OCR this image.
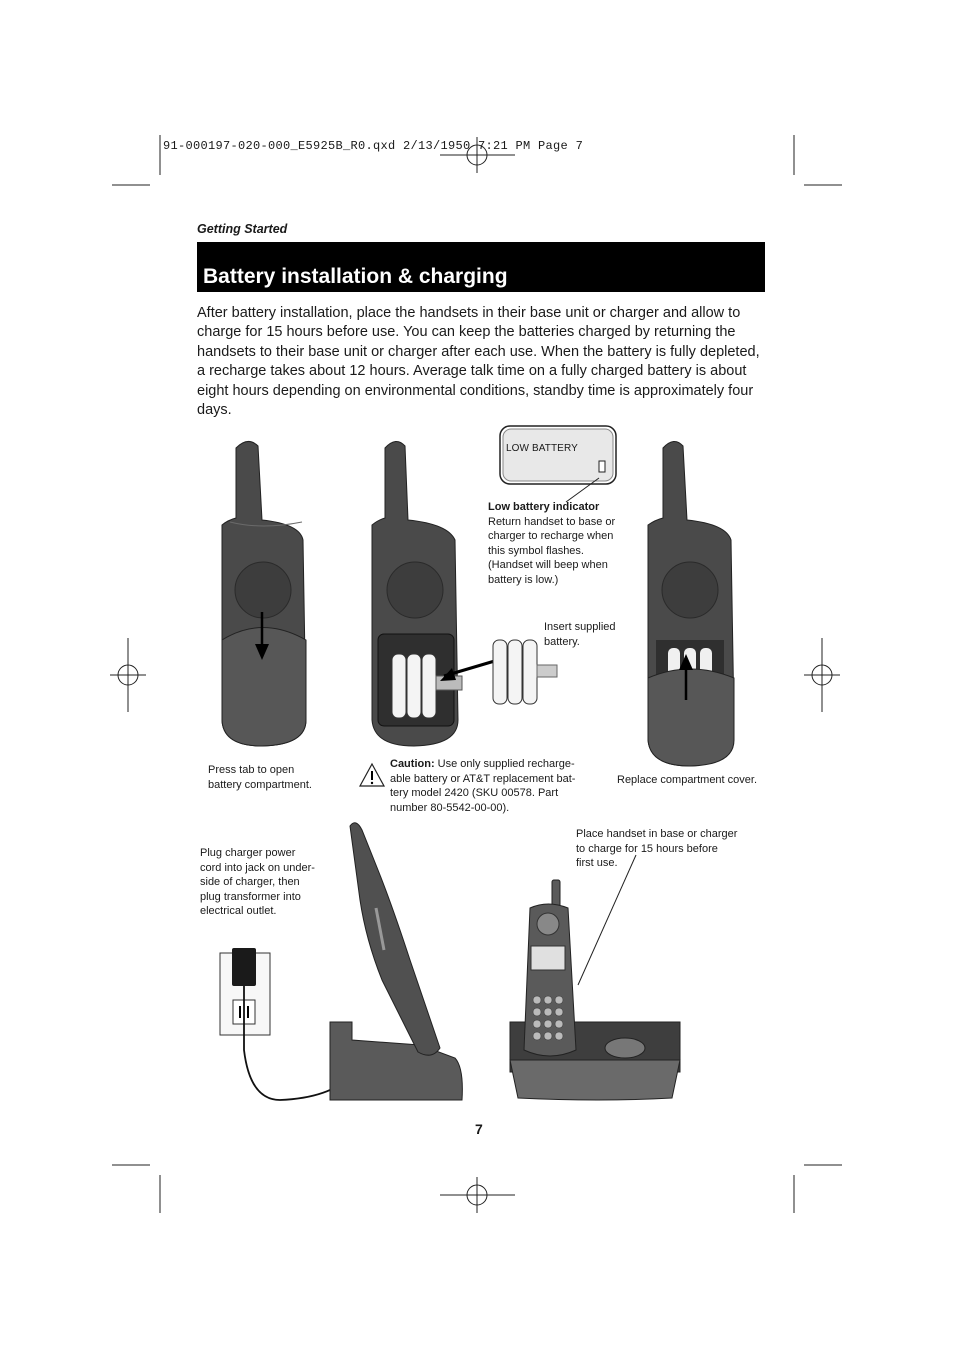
91-000197-020-000_E5925B_R0.qxd 2/13/1950 7:21 PM Page 7
Getting Started
Battery installation & charging
After battery installation, place the handsets in their base unit or charger and allow to charge for 15 hours before use. You can keep the batteries charged by returning the handsets to their base unit or charger after each use. When the battery is fully depleted, a recharge takes about 12 hours. Average talk time on a fully charged battery is about eight hours depending on environmental conditions, standby time is approximately four days.
LOW BATTERY
Low battery indicator
Return handset to base or
charger to recharge when
this symbol flashes.
(Handset will beep when
battery is low.)
Insert supplied
battery.
Press tab to open
battery compartment.
Caution: Use only supplied recharge-
able battery or AT&T replacement bat-
tery model 2420 (SKU 00578. Part
number 80-5542-00-00).
Replace compartment cover.
Plug charger power
cord into jack on under-
side of charger, then
plug transformer into
electrical outlet.
Place handset in base or charger
to charge for 15 hours before
first use.
7
